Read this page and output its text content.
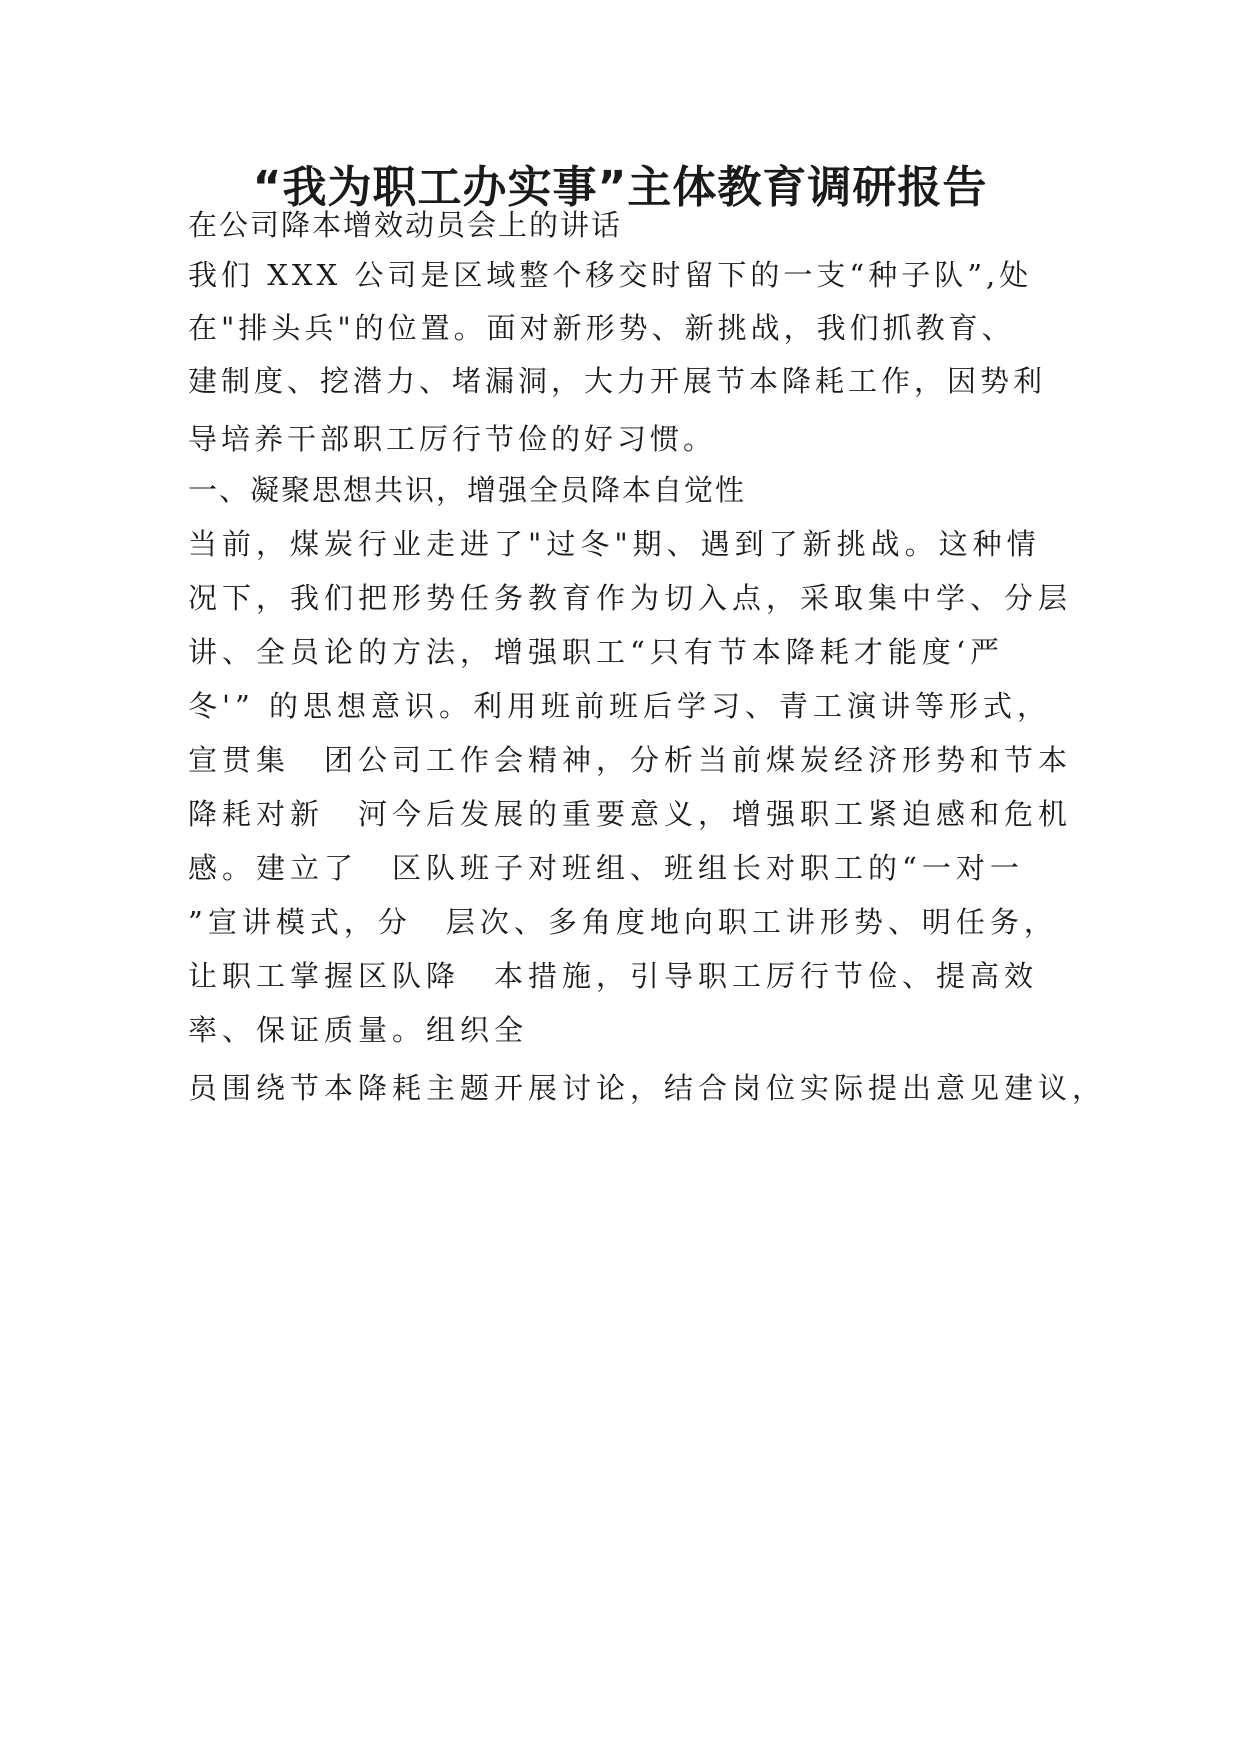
“我为职工办实事”主体教育调研报告

在公司降本增效动员会上的讲话

我们 XXX 公司是区域整个移交时留下的一支“种子队”,处

在"排头兵"的位置。面对新形势、新挑战，我们抓教育、

建制度、挖潜力、堵漏洞，大力开展节本降耗工作，因势利

导培养干部职工厉行节俭的好习惯。

一、凝聚思想共识，增强全员降本自觉性

当前，煤炭行业走进了"过冬"期、遇到了新挑战。这种情

况下，我们把形势任务教育作为切入点，采取集中学、分层

讲、全员论的方法，增强职工“只有节本降耗才能度‘严

冬'” 的思想意识。利用班前班后学习、青工演讲等形式，

宣贯集　团公司工作会精神，分析当前煤炭经济形势和节本

降耗对新　河今后发展的重要意义，增强职工紧迫感和危机

感。建立了　区队班子对班组、班组长对职工的“一对一

”宣讲模式，分　层次、多角度地向职工讲形势、明任务，

让职工掌握区队降　本措施，引导职工厉行节俭、提高效

率、保证质量。组织全

员围绕节本降耗主题开展讨论，结合岗位实际提出意见建议，
